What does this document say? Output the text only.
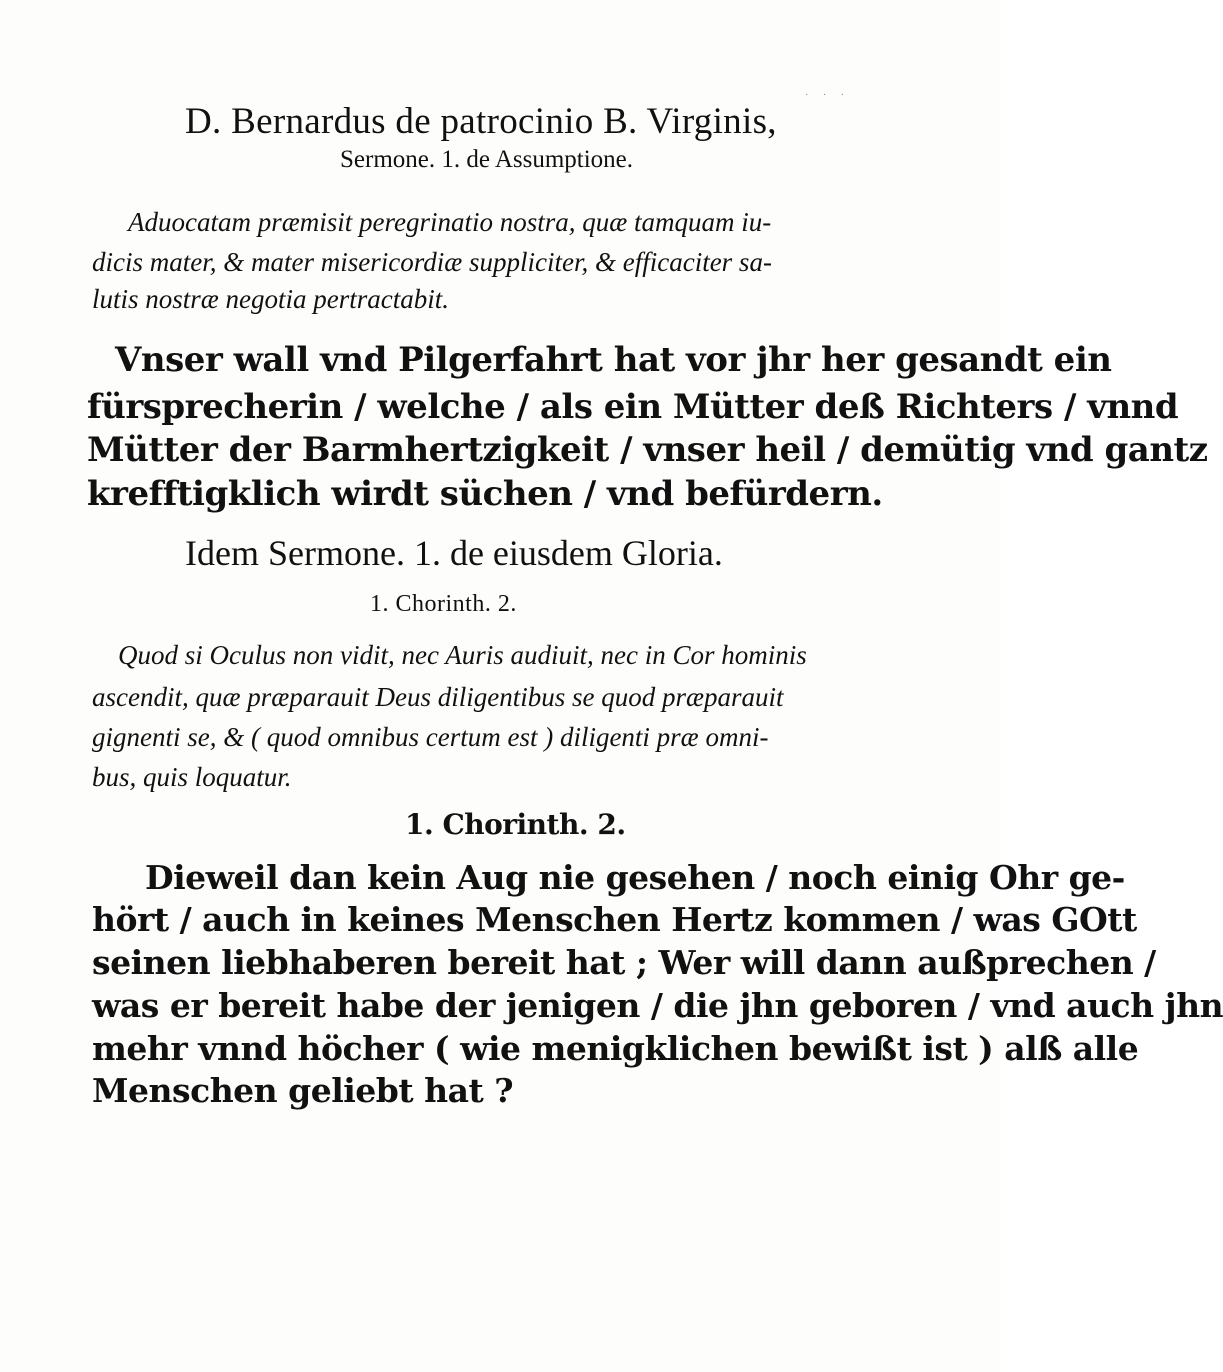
· · ·
D. Bernardus de patrocinio B. Virginis,
Sermone. 1. de Assumptione.
Aduocatam præmisit peregrinatio nostra, quæ tamquam iu-
dicis mater, & mater misericordiæ suppliciter, & efficaciter sa-
lutis nostræ negotia pertractabit.
Vnser wall vnd Pilgerfahrt hat vor jhr her gesandt ein
fürsprecherin / welche / als ein Mütter deß Richters / vnnd
Mütter der Barmhertzigkeit / vnser heil / demütig vnd gantz
krefftigklich wirdt süchen / vnd befürdern.
Idem Sermone. 1. de eiusdem Gloria.
1. Chorinth. 2.
Quod si Oculus non vidit, nec Auris audiuit, nec in Cor hominis
ascendit, quæ præparauit Deus diligentibus se quod præparauit
gignenti se, & ( quod omnibus certum est ) diligenti præ omni-
bus, quis loquatur.
1. Chorinth. 2.
Dieweil dan kein Aug nie gesehen / noch einig Ohr ge-
hört / auch in keines Menschen Hertz kommen / was GOtt
seinen liebhaberen bereit hat ; Wer will dann außprechen /
was er bereit habe der jenigen / die jhn geboren / vnd auch jhn
mehr vnnd höcher ( wie menigklichen bewißt ist ) alß alle
Menschen geliebt hat ?
